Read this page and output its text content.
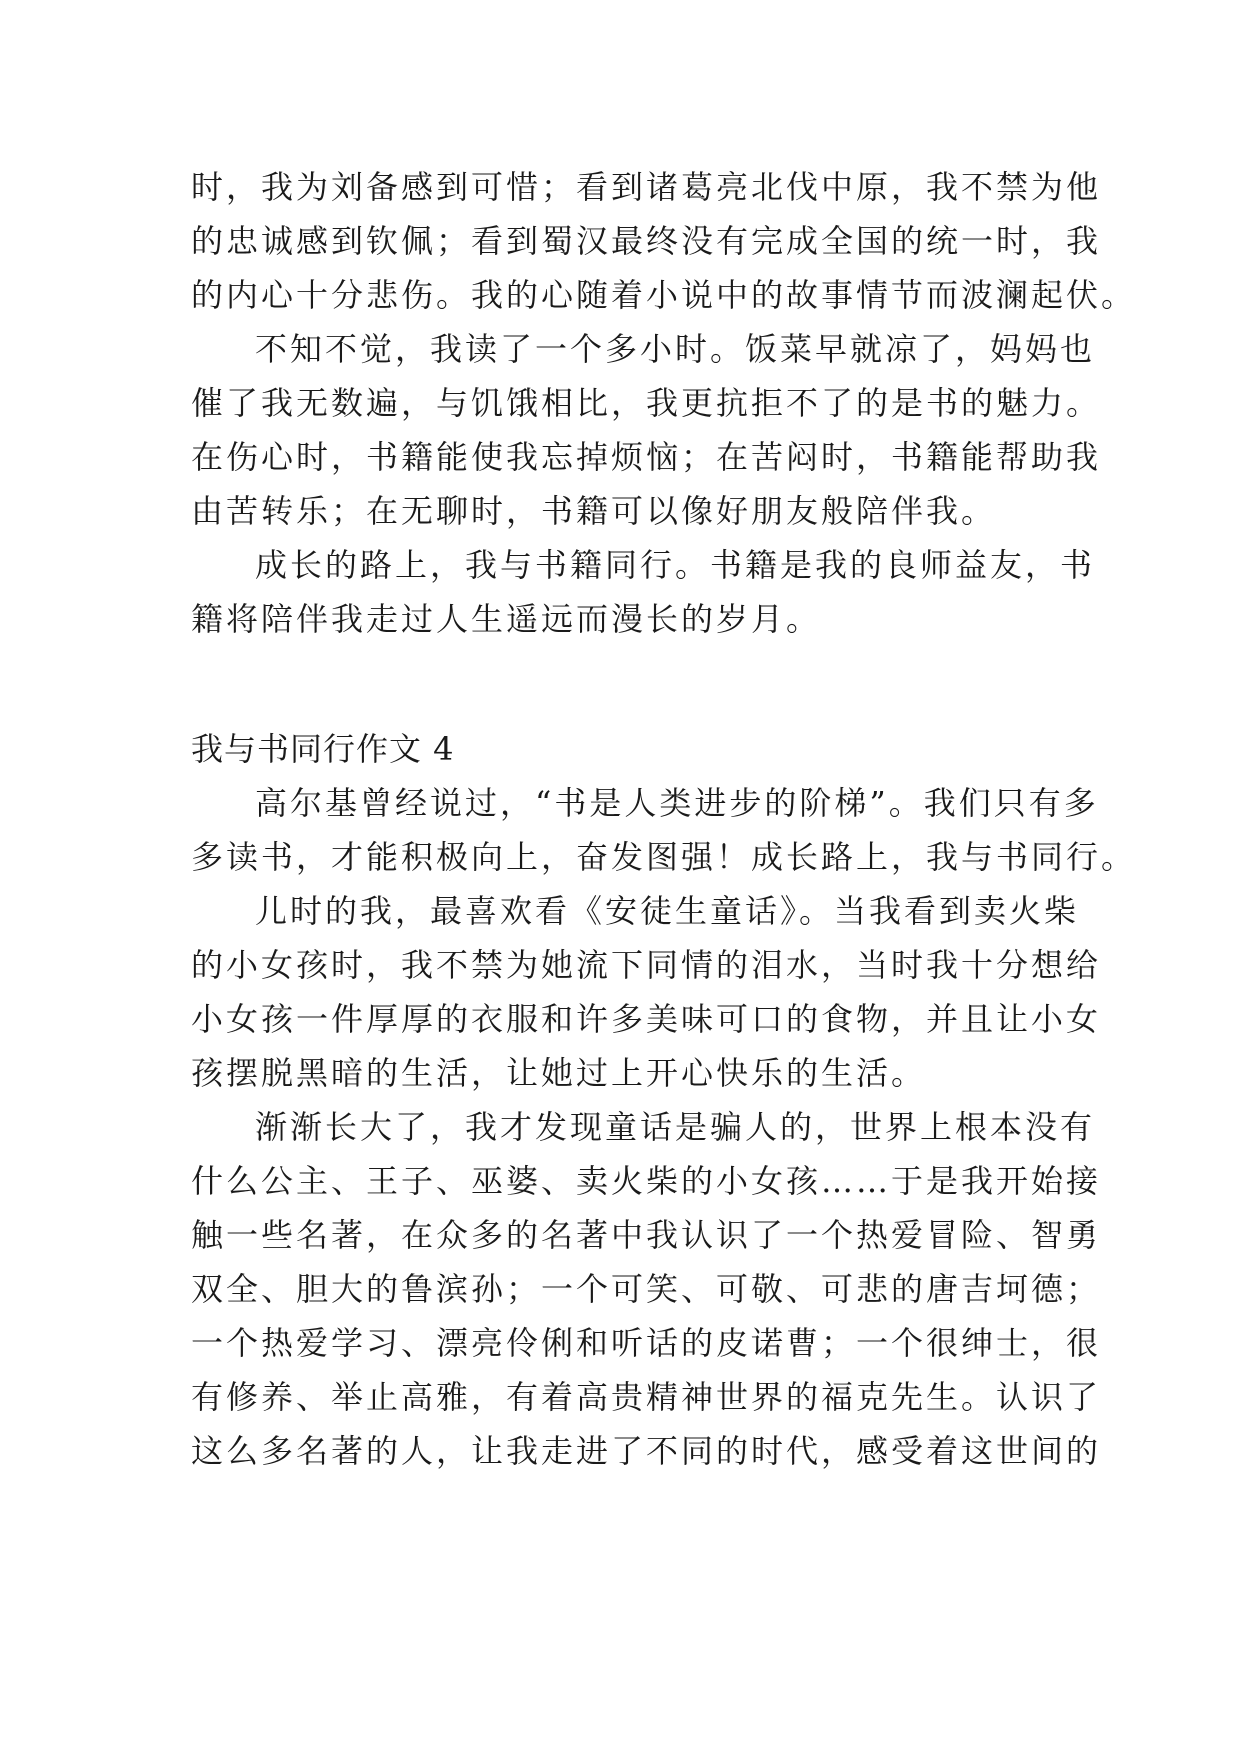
时，我为刘备感到可惜；看到诸葛亮北伐中原，我不禁为他
的忠诚感到钦佩；看到蜀汉最终没有完成全国的统一时，我
的内心十分悲伤。我的心随着小说中的故事情节而波澜起伏。
不知不觉，我读了一个多小时。饭菜早就凉了，妈妈也
催了我无数遍，与饥饿相比，我更抗拒不了的是书的魅力。
在伤心时，书籍能使我忘掉烦恼；在苦闷时，书籍能帮助我
由苦转乐；在无聊时，书籍可以像好朋友般陪伴我。
成长的路上，我与书籍同行。书籍是我的良师益友，书
籍将陪伴我走过人生遥远而漫长的岁月。
我与书同行作文 4
高尔基曾经说过，“书是人类进步的阶梯”。我们只有多
多读书，才能积极向上，奋发图强！成长路上，我与书同行。
儿时的我，最喜欢看《安徒生童话》。当我看到卖火柴
的小女孩时，我不禁为她流下同情的泪水，当时我十分想给
小女孩一件厚厚的衣服和许多美味可口的食物，并且让小女
孩摆脱黑暗的生活，让她过上开心快乐的生活。
渐渐长大了，我才发现童话是骗人的，世界上根本没有
什么公主、王子、巫婆、卖火柴的小女孩……于是我开始接
触一些名著，在众多的名著中我认识了一个热爱冒险、智勇
双全、胆大的鲁滨孙；一个可笑、可敬、可悲的唐吉坷德；
一个热爱学习、漂亮伶俐和听话的皮诺曹；一个很绅士，很
有修养、举止高雅，有着高贵精神世界的福克先生。认识了
这么多名著的人，让我走进了不同的时代，感受着这世间的
